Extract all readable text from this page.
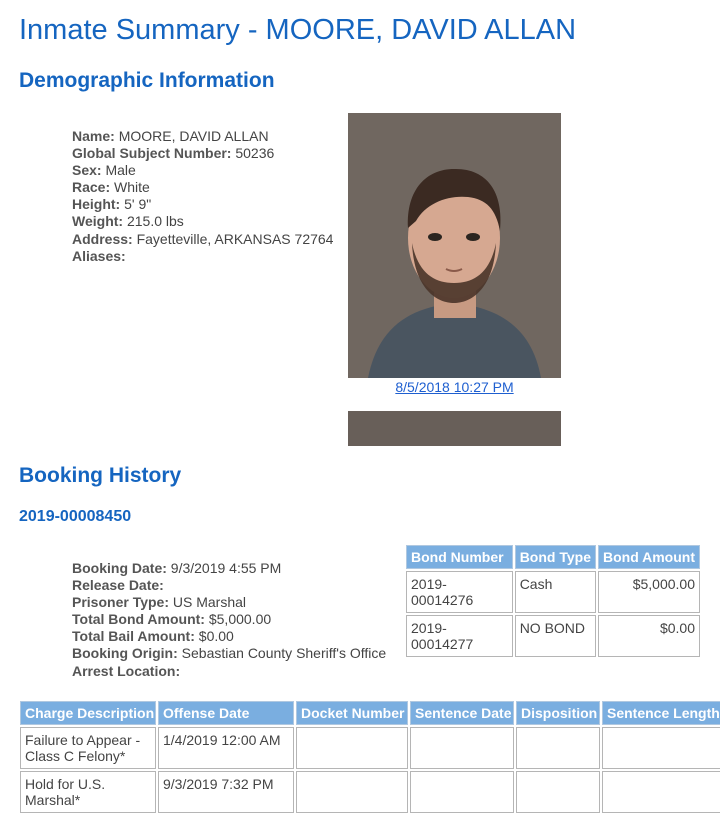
Inmate Summary - MOORE, DAVID ALLAN
Demographic Information
Name: MOORE, DAVID ALLAN
Global Subject Number: 50236
Sex: Male
Race: White
Height: 5' 9"
Weight: 215.0 lbs
Address: Fayetteville, ARKANSAS 72764
Aliases:
8/5/2018 10:27 PM
Booking History
2019-00008450
Booking Date: 9/3/2019 4:55 PM
Release Date:
Prisoner Type: US Marshal
Total Bond Amount: $5,000.00
Total Bail Amount: $0.00
Booking Origin: Sebastian County Sheriff's Office
Arrest Location:
Bond Number	Bond Type	Bond Amount
2019-00014276	Cash	$5,000.00
2019-00014277	NO BOND	$0.00
Charge Description	Offense Date	Docket Number	Sentence Date	Disposition	Sentence Length
Failure to Appear - Class C Felony*	1/4/2019 12:00 AM				
Hold for U.S. Marshal*	9/3/2019 7:32 PM				
